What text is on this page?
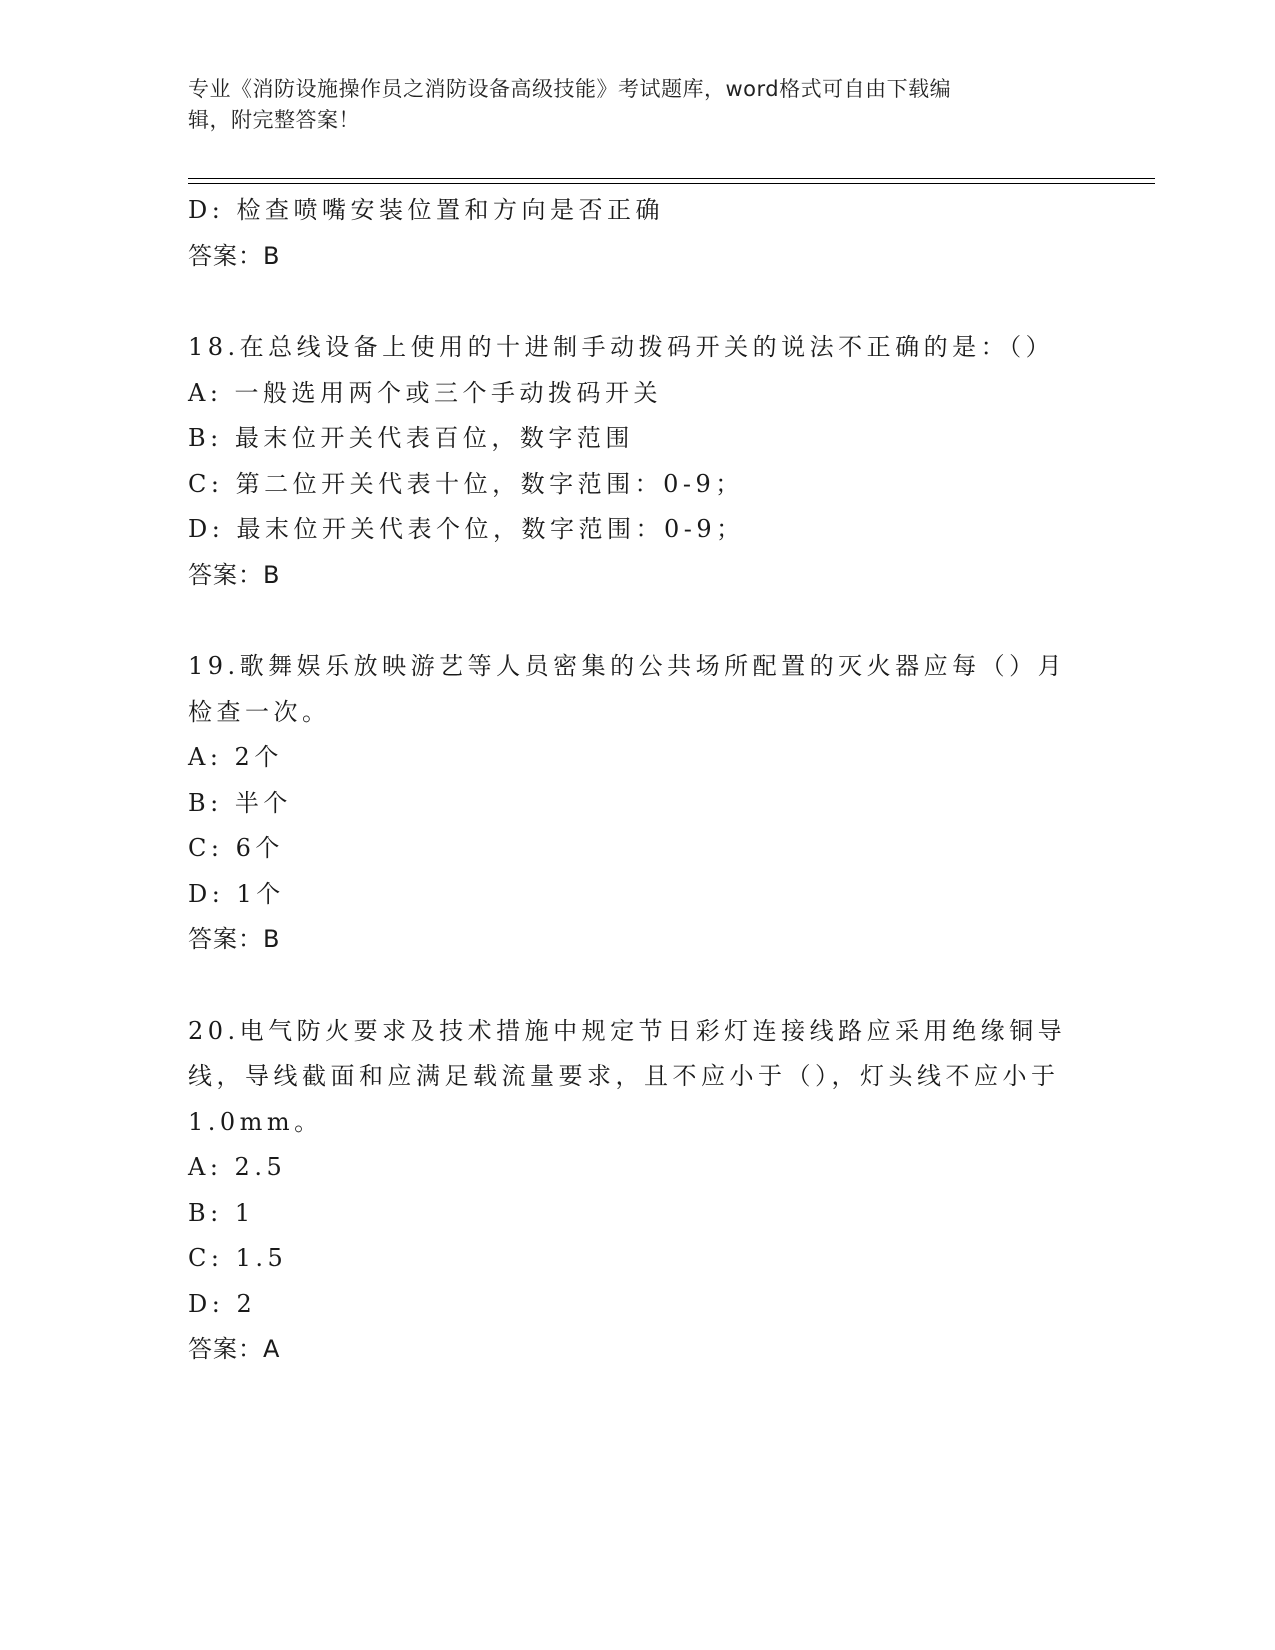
专业《消防设施操作员之消防设备高级技能》考试题库，word格式可自由下载编
辑，附完整答案！
D: 检查喷嘴安装位置和方向是否正确
答案：B
18.在总线设备上使用的十进制手动拨码开关的说法不正确的是：（）
A: 一般选用两个或三个手动拨码开关
B: 最末位开关代表百位，数字范围
C: 第二位开关代表十位，数字范围：0-9；
D: 最末位开关代表个位，数字范围：0-9；
答案：B
19.歌舞娱乐放映游艺等人员密集的公共场所配置的灭火器应每（）月检查一次。
A: 2个
B: 半个
C: 6个
D: 1个
答案：B
20.电气防火要求及技术措施中规定节日彩灯连接线路应采用绝缘铜导线，导线截面和应满足载流量要求，且不应小于（），灯头线不应小于1.0mm。
A: 2.5
B: 1
C: 1.5
D: 2
答案：A
